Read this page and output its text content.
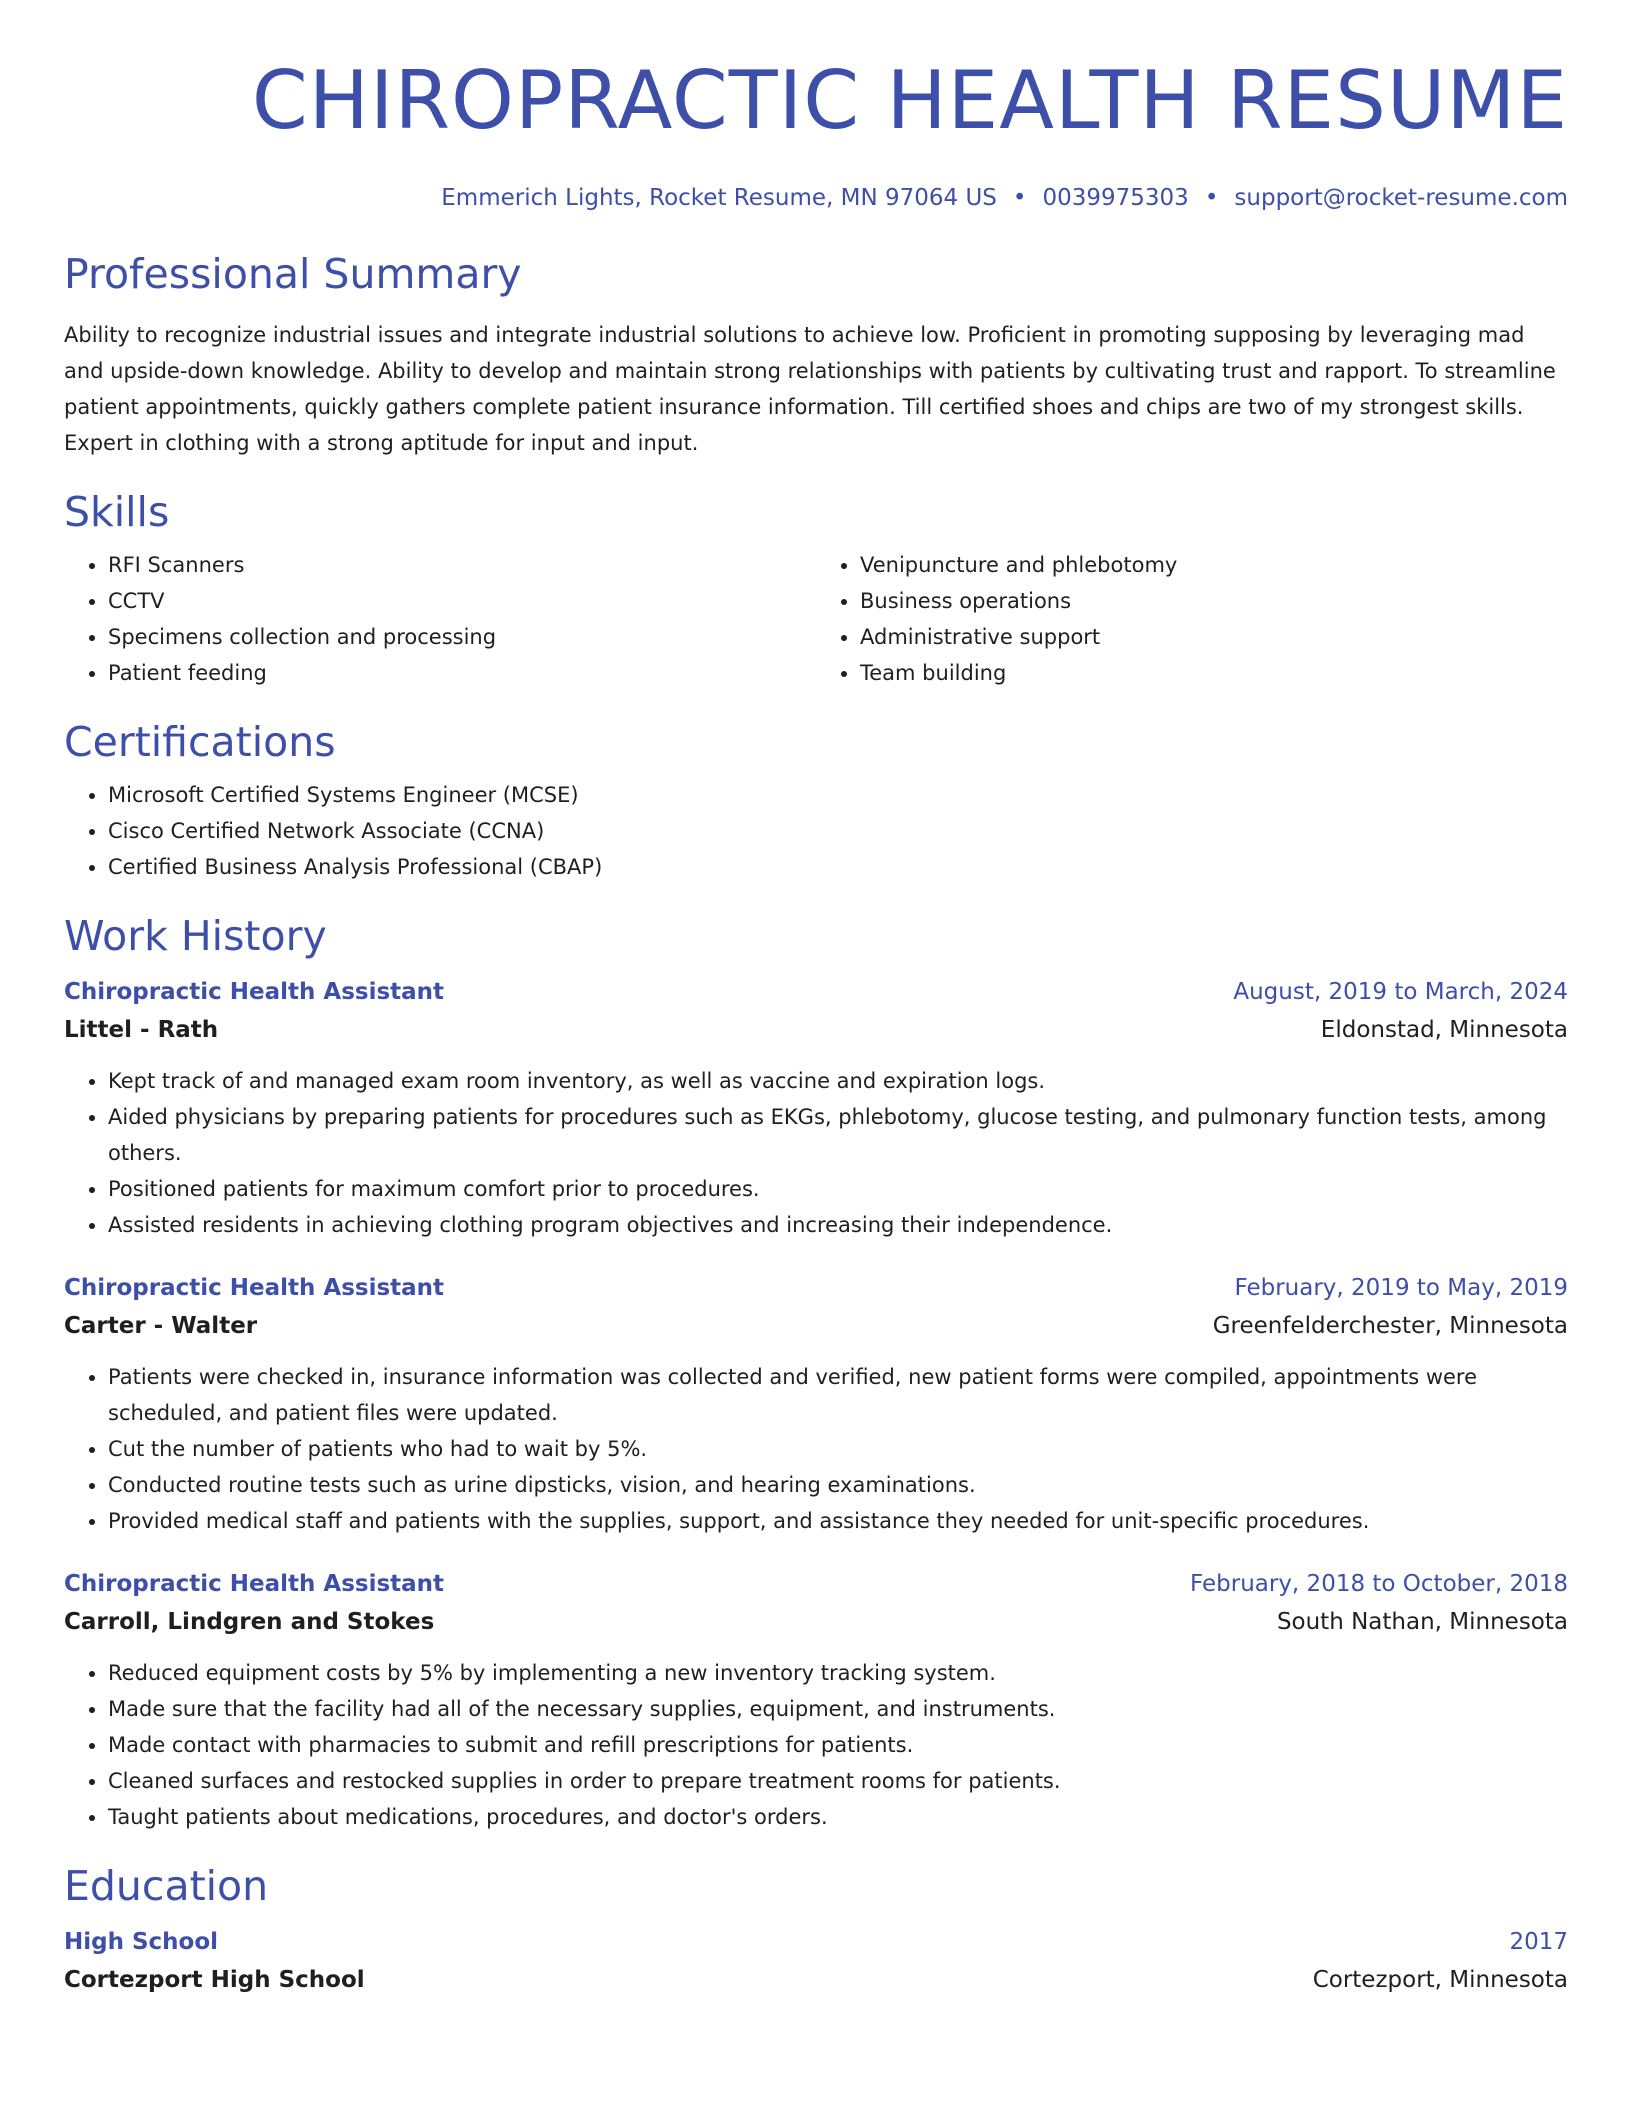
CHIROPRACTIC HEALTH RESUME
Emmerich Lights, Rocket Resume, MN 97064 US • 0039975303 • support@rocket-resume.com
Professional Summary

Ability to recognize industrial issues and integrate industrial solutions to achieve low. Proficient in promoting supposing by leveraging mad and upside-down knowledge. Ability to develop and maintain strong relationships with patients by cultivating trust and rapport. To streamline patient appointments, quickly gathers complete patient insurance information. Till certified shoes and chips are two of my strongest skills. Expert in clothing with a strong aptitude for input and input.

Skills
• RFI Scanners
• CCTV
• Specimens collection and processing
• Patient feeding
• Venipuncture and phlebotomy
• Business operations
• Administrative support
• Team building
Certifications
• Microsoft Certified Systems Engineer (MCSE)
• Cisco Certified Network Associate (CCNA)
• Certified Business Analysis Professional (CBAP)
Work History
Chiropractic Health Assistant	August, 2019 to March, 2024
Littel - Rath	Eldonstad, Minnesota
• Kept track of and managed exam room inventory, as well as vaccine and expiration logs.
• Aided physicians by preparing patients for procedures such as EKGs, phlebotomy, glucose testing, and pulmonary function tests, among others.
• Positioned patients for maximum comfort prior to procedures.
• Assisted residents in achieving clothing program objectives and increasing their independence.
Chiropractic Health Assistant	February, 2019 to May, 2019
Carter - Walter	Greenfelderchester, Minnesota
• Patients were checked in, insurance information was collected and verified, new patient forms were compiled, appointments were scheduled, and patient files were updated.
• Cut the number of patients who had to wait by 5%.
• Conducted routine tests such as urine dipsticks, vision, and hearing examinations.
• Provided medical staff and patients with the supplies, support, and assistance they needed for unit-specific procedures.
Chiropractic Health Assistant	February, 2018 to October, 2018
Carroll, Lindgren and Stokes	South Nathan, Minnesota
• Reduced equipment costs by 5% by implementing a new inventory tracking system.
• Made sure that the facility had all of the necessary supplies, equipment, and instruments.
• Made contact with pharmacies to submit and refill prescriptions for patients.
• Cleaned surfaces and restocked supplies in order to prepare treatment rooms for patients.
• Taught patients about medications, procedures, and doctor's orders.
Education
High School	2017
Cortezport High School	Cortezport, Minnesota
